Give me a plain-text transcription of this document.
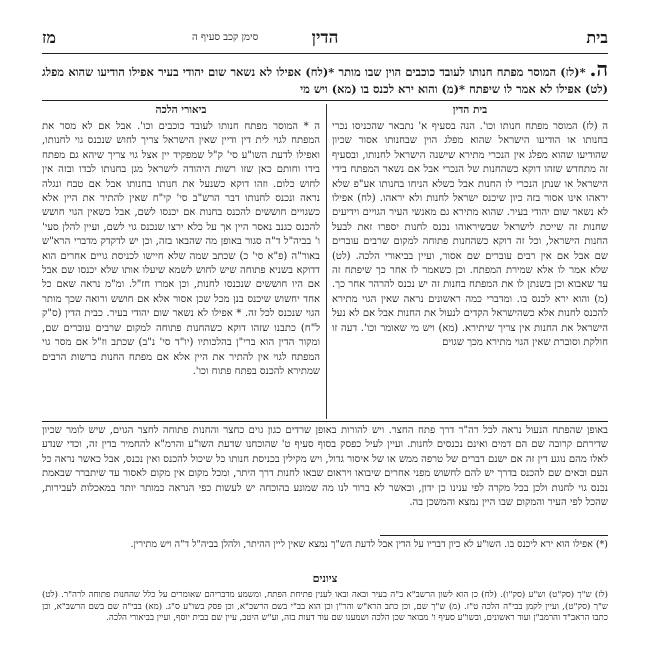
בית
הדין
סימן קכב סעיף ה
מז
ה.*(לז) המוסר מפתח חנותו לעובד כוכבים הוין שבו מותר *(לח) אפילו לא נשאר שום יהודי בעיר אפילו הודיעו שהוא מפלג (לט) אפילו לא אמר לו שיפתח *(מ) והוא ירא לכנס בו (מא) ויש מי
בית הדין
ה (לז) המוסר מפתח חנותו וכו'. הנה בסעיף א' נתבאר שהכניסו נכרי בחנותו או הודיעו הישראל שהוא מפלג הוין שבחנותו אסור שכיון שהודיעו שהוא מפלג אין הנכרי מתירא שישנה הישראל לחנותו, ובסעיף זה מתחדש שזהו דוקא כשהחנות של הנכרי אבל אם נשאר המפתח בידי הישראל או שנתן הנכרי לו החנות אבל כשלא הניחו בחנותו אע"פ שלא יראהו אינו אסור בזה כיון שיכנס ישראל לחנות ולא יראהו. (לח) אפילו לא נשאר שום יהודי בעיר. שהוא מתירא גם מאנשי העיר הגויים וידיעים שחנות זה שייכת לישראל שבשיראוהו נכנס לחנות יספרו זאת לבעל החנות הישראל, וכל זה דוקא כשהחנות פתוחה למקום שרבים עוברים שם אבל אם אין רבים עוברים שם אסור, ועיין בביאורי הלכה. (לט) שלא אמר לו אלא שמירת המפתח. וכן כשאמר לו אחר כך שיפתח זה עד שאבוא וכן בשנתן לו את המפתח בחנות זה יש נכנס להרהר אחר כך. (מ) והוא ירא לכנס בו. ומדברי כמה ראשונים נראה שאין הגוי מתירא להכנס לחנות אלא כשהישראל הקדים לנעול את החנות אבל אם לא נעל הישראל את החנות אין צריך שיתירא. (מא) ויש מי שאומר וכו'. דעה זו חולקת וסוברת שאין הגוי מתירא מכך שגוים
ביאורי הלכה
ה * המוסר מפתח חנותו לעובד כוכבים וכו'. אבל אם לא מסר את המפתח לגוי לית דין ודיין שאין הישראל צריך לחוש שנכנס גוי לחנותו, ואפילו לדעת השו"ע סי' ק"ל שמפקיד יין אצל גוי צריך שיהא גם מפתח בידו וחותם כאן שזו רשות היהודה לישראל מגן בחנותו לבדו ובזה אין לחוש כלום. וזהו דוקא כשנעל את חנותו בחנותו אבל אם טבח ונגלה נראה ונכנס לחנותו דבר הרש"ב סי' קי"ח שאין להתיר את היין אלא כשגויים חוששים להכנס בחנות אם יכנסו לשם, אבל כשאין הגוי חושש להכנס כגנב נאסר היין אך על כלא ירצו שנכנס גוי לשם, ועיין להלן סעי' ו' בביה"ל ד"ה סגור באופן מה שהבאו בזה, וכן יש לדקדק מדברי הרא"ש באור"ה (פ"א סי' כ) שכתב שמה שלא חיישו לכניסת גויים אחרים הוא דדוקא בשניא פתוחה שיש לחוש לשמא שיעלו אותו שלא יכנסו שם אבל אם היו חוששים שנכנסו לחנות, וכן אמרו חז"ל. ומ"מ נראה שאם כל אחד יחשוש שיכנס בנן מכל שכן אסור אלא אם חושש ורואה שכך מותר הגוי שנכנס לכל זה. * אפילו לא נשאר שום יהודי בעיר. כבית הדין (ס"ק ל"ח) כתבנו שזהו דוקא כשהחנות פתוחה למקום שרבים עוברים שם, ומקור הדין הוא ברי"ן בהלכותיו (יו"ד סי' נ"ב) שכתב וז"ל אם מסר גוי המפתח לגוי אין להתיר את היין אלא אם מפתח החנות ברשות הרבים שמתירא להכנס בפתח פתוח וכו'.
באופן שהפתח הנעול נראה לכל רה"ר דרך פתח החצר. ויש להורות באופן שרדים כגון גוים כחצר והחנות פתוחה לחצר הגוים, שיש לומר שכיון שדירתם קרובה שם הם דמים ואינם נכנסים לחנות. ועיין לעיל כפסק בסוף סעיף ט' שהוכחנו שדעת השו"ע והרמ"א להחמיר בדין זה, וכדי שנדע לאלו מהם נוגע דין זה אם ישנם דברים של טרפה ממש או של איסור גדול, ויש מקילין בכניסת חנותו כל שיכול להכנס ואין נכנס, אבל כאשר נראה כל העם ובאים שם להכנס בדרך יש להם לחשוש מפני אחרים שיבואו ויראום שבאו לחנות דרך היתר, ומכל מקום אין מקום לאסור עד שיתברר שבאמת נכנס גוי לחנות ולכן בכל מקרה לפי ענינו כן ידון, וכאשר לא ברור לנו מה שמונע בהוכחה יש לעשות כפי הנראה כמותר יותר במאכלות לעבירות, שהכל לפי העיר והמקום שבו היין נמצא והמשכן בה.
(*) אפילו הוא ירא ליכנס בו. השו"ע לא כיון דבריו על הדין אבל לדעת הש"ך נמצא שאין ליין ההיתר, ולהלן בביה"ל ד"ה ויש מתירין.
ציונים
(לז) ש"ך (סק"ט) וש"ע (סק"ו). (לח) כן הוא לשון הרשב"א ב"ה בעיר ובאה ובאו לענין פתיחת הפתח, ומשמע מדבריהם שאומרים על כלל שהחנות פתוחה לרה"ר. (לט) ש"ך (סק"ט), ועיין לקמן בבי"ה הלכה ט"ז. (מ) ש"ך שם, וכן כתב הרא"ש והר"ן וכן הוא בב"י בשם הרשב"א, וכן פסק בשו"ע ס"ג. (מא) בבי"ה שם בשם הרשב"א, וכן כתבו הראב"ד והרמב"ן ועוד ראשונים, ובשו"ע סעיף ו' מבואר שכן הלכה ושמענו שם עוד דעות בזה, וע"ש היטב, עיין שם בבית יוסף, ועיין בביאורי הלכה.
